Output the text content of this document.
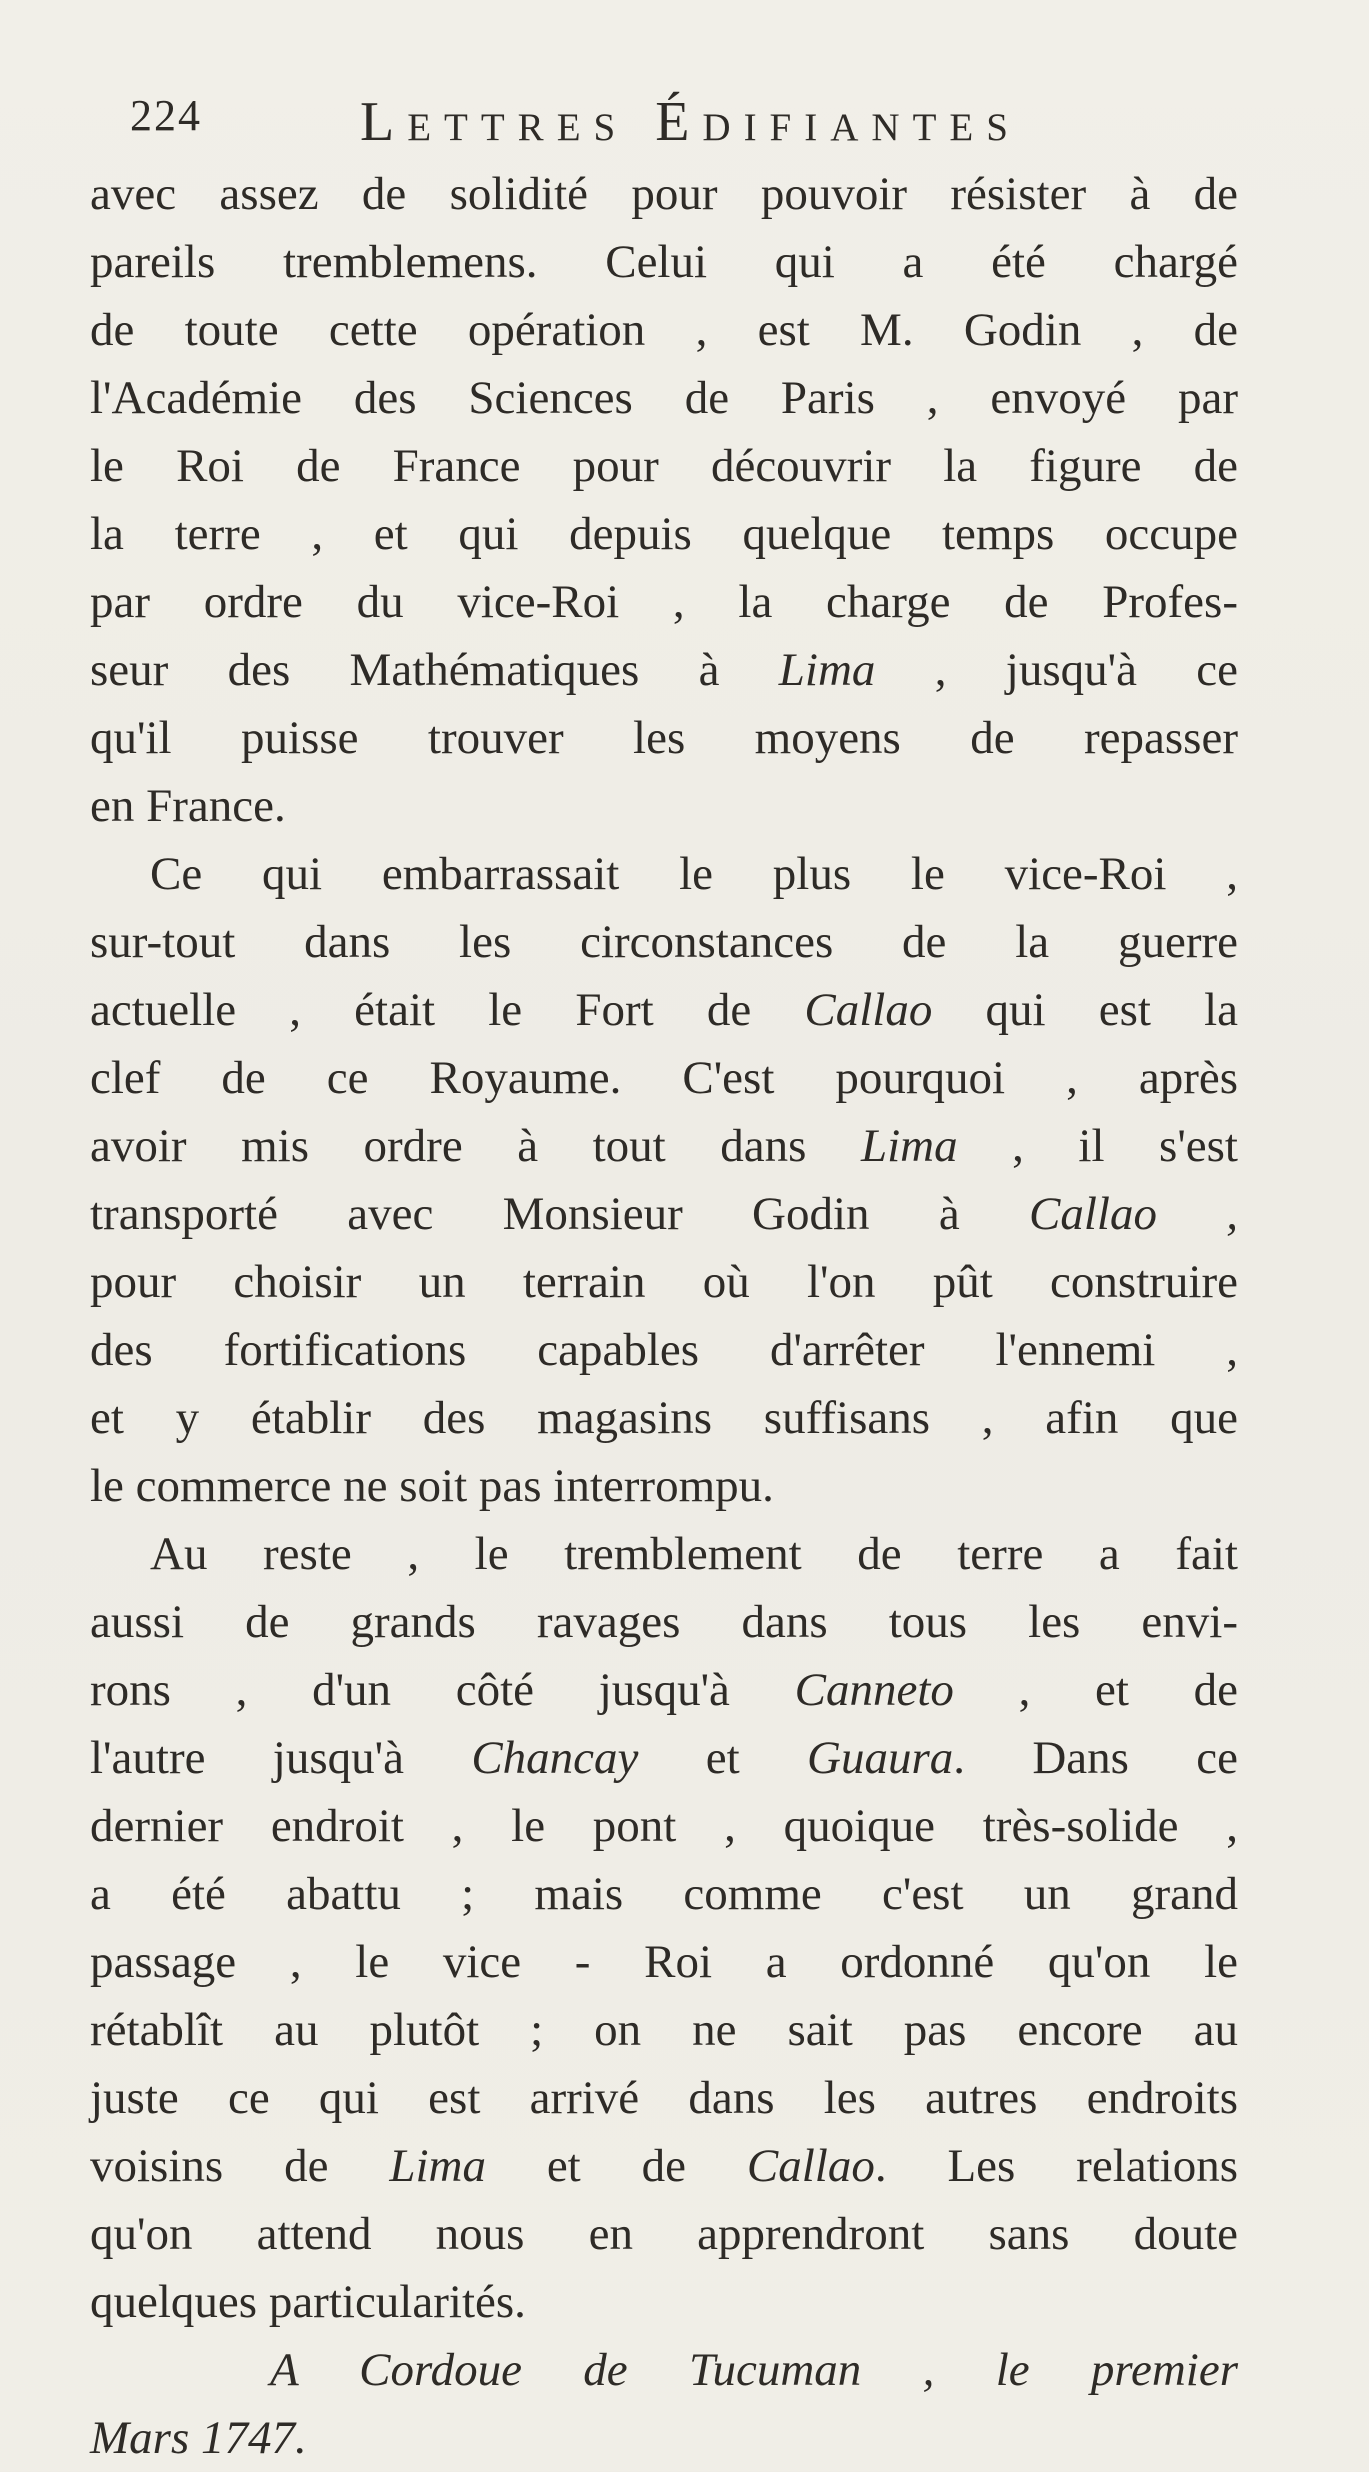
224	Lettres Édifiantes
avec assez de solidité pour pouvoir résister à de
pareils tremblemens. Celui qui a été chargé
de toute cette opération , est M. Godin , de
l'Académie des Sciences de Paris , envoyé par
le Roi de France pour découvrir la figure de
la terre , et qui depuis quelque temps occupe
par ordre du vice-Roi , la charge de Profes-
seur des Mathématiques à Lima , jusqu'à ce
qu'il puisse trouver les moyens de repasser
en France.
Ce qui embarrassait le plus le vice-Roi ,
sur-tout dans les circonstances de la guerre
actuelle , était le Fort de Callao qui est la
clef de ce Royaume. C'est pourquoi , après
avoir mis ordre à tout dans Lima , il s'est
transporté avec Monsieur Godin à Callao ,
pour choisir un terrain où l'on pût construire
des fortifications capables d'arrêter l'ennemi ,
et y établir des magasins suffisans , afin que
le commerce ne soit pas interrompu.
Au reste , le tremblement de terre a fait
aussi de grands ravages dans tous les envi-
rons , d'un côté jusqu'à Canneto , et de
l'autre jusqu'à Chancay et Guaura. Dans ce
dernier endroit , le pont , quoique très-solide ,
a été abattu ; mais comme c'est un grand
passage , le vice - Roi a ordonné qu'on le
rétablît au plutôt ; on ne sait pas encore au
juste ce qui est arrivé dans les autres endroits
voisins de Lima et de Callao. Les relations
qu'on attend nous en apprendront sans doute
quelques particularités.
A Cordoue de Tucuman , le premier
Mars 1747.
